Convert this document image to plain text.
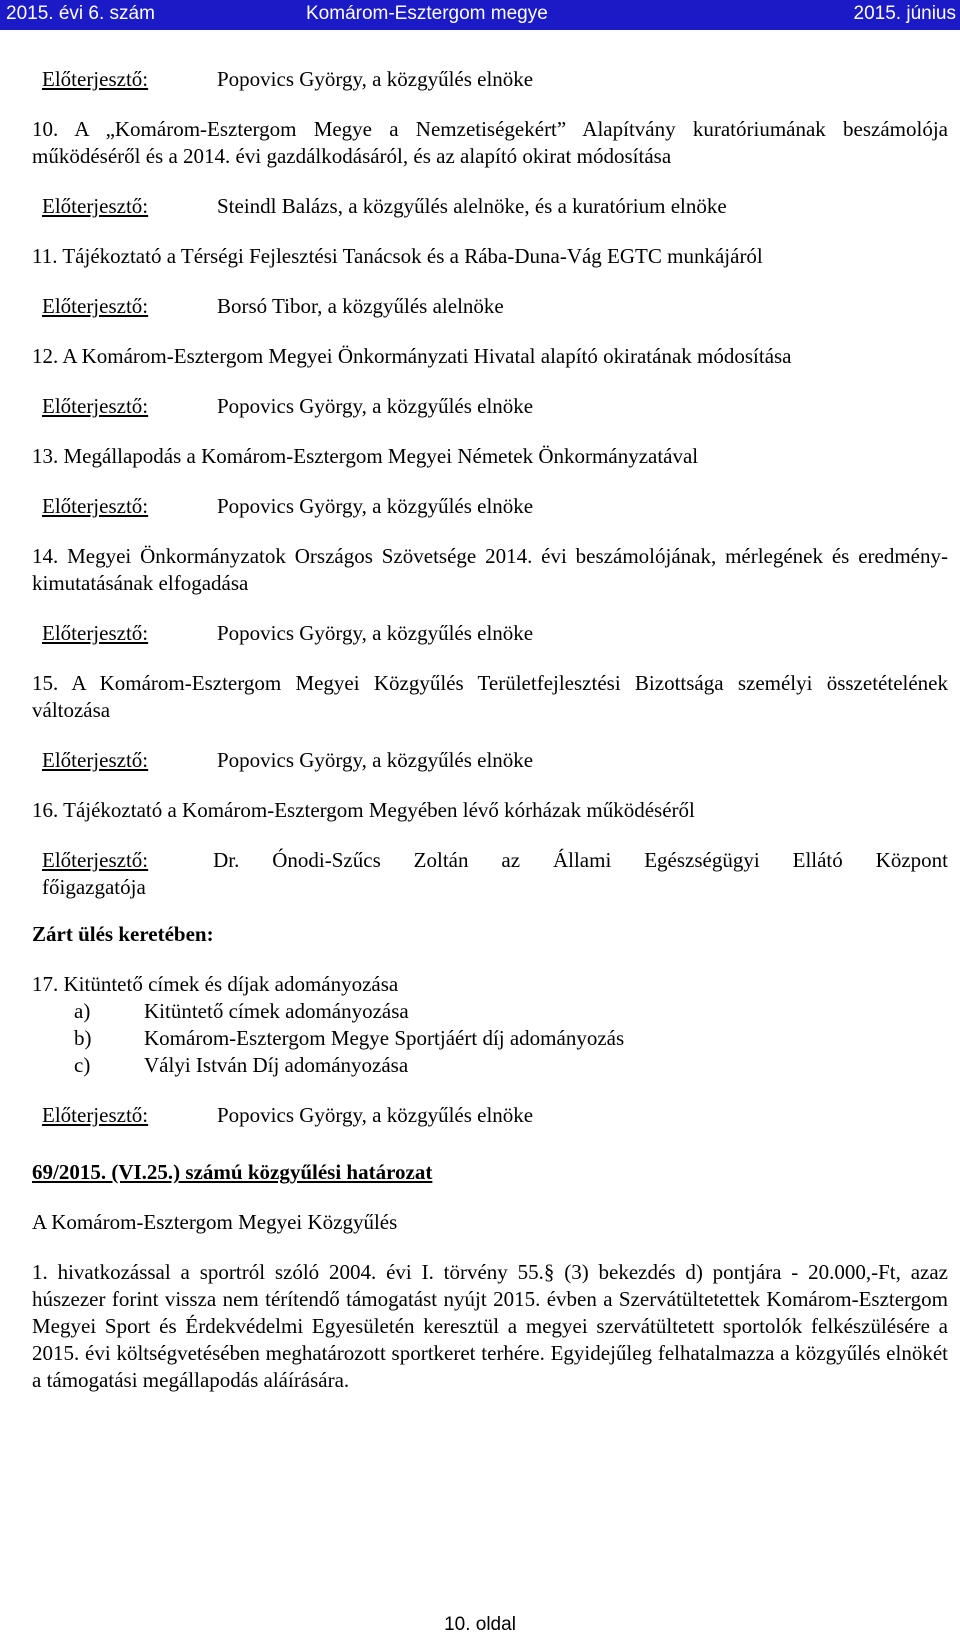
2015. évi 6. szám	Komárom-Esztergom megye	2015. június
Előterjesztő:	Popovics György, a közgyűlés elnöke
10. A „Komárom-Esztergom Megye a Nemzetiségekért” Alapítvány kuratóriumának beszámolója működéséről és a 2014. évi gazdálkodásáról, és az alapító okirat módosítása
Előterjesztő:	Steindl Balázs, a közgyűlés alelnöke, és a kuratórium elnöke
11. Tájékoztató a Térségi Fejlesztési Tanácsok és a Rába-Duna-Vág EGTC munkájáról
Előterjesztő:	Borsó Tibor, a közgyűlés alelnöke
12. A Komárom-Esztergom Megyei Önkormányzati Hivatal alapító okiratának módosítása
Előterjesztő:	Popovics György, a közgyűlés elnöke
13. Megállapodás a Komárom-Esztergom Megyei Németek Önkormányzatával
Előterjesztő:	Popovics György, a közgyűlés elnöke
14. Megyei Önkormányzatok Országos Szövetsége 2014. évi beszámolójának, mérlegének és eredmény-kimutatásának elfogadása
Előterjesztő:	Popovics György, a közgyűlés elnöke
15. A Komárom-Esztergom Megyei Közgyűlés Területfejlesztési Bizottsága személyi összetételének változása
Előterjesztő:	Popovics György, a közgyűlés elnöke
16. Tájékoztató a Komárom-Esztergom Megyében lévő kórházak működéséről
Előterjesztő:	Dr. Ónodi-Szűcs Zoltán az Állami Egészségügyi Ellátó Központ főigazgatója
Zárt ülés keretében:
17. Kitüntető címek és díjak adományozása
a)	Kitüntető címek adományozása
b)	Komárom-Esztergom Megye Sportjáért díj adományozás
c)	Vályi István Díj adományozása
Előterjesztő:	Popovics György, a közgyűlés elnöke
69/2015. (VI.25.) számú közgyűlési határozat
A Komárom-Esztergom Megyei Közgyűlés
1. hivatkozással a sportról szóló 2004. évi I. törvény 55.§ (3) bekezdés d) pontjára - 20.000,-Ft, azaz húszezer forint vissza nem térítendő támogatást nyújt 2015. évben a Szervátültetettek Komárom-Esztergom Megyei Sport és Érdekvédelmi Egyesületén keresztül a megyei szervátültetett sportolók felkészülésére a 2015. évi költségvetésében meghatározott sportkeret terhére. Egyidejűleg felhatalmazza a közgyűlés elnökét a támogatási megállapodás aláírására.
10. oldal
